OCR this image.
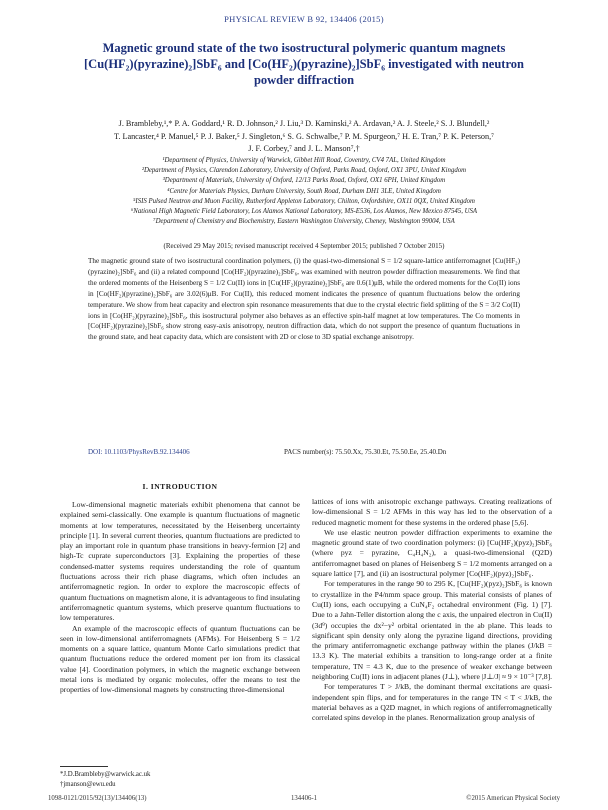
PHYSICAL REVIEW B 92, 134406 (2015)
Magnetic ground state of the two isostructural polymeric quantum magnets
[Cu(HF₂)(pyrazine)₂]SbF₆ and [Co(HF₂)(pyrazine)₂]SbF₆ investigated with neutron
powder diffraction
J. Brambleby,¹,* P. A. Goddard,¹ R. D. Johnson,² J. Liu,³ D. Kaminski,² A. Ardavan,² A. J. Steele,² S. J. Blundell,²
T. Lancaster,⁴ P. Manuel,⁵ P. J. Baker,⁵ J. Singleton,⁶ S. G. Schwalbe,⁷ P. M. Spurgeon,⁷ H. E. Tran,⁷ P. K. Peterson,⁷
J. F. Corbey,⁷ and J. L. Manson⁷,†
¹Department of Physics, University of Warwick, Gibbet Hill Road, Coventry, CV4 7AL, United Kingdom
²Department of Physics, Clarendon Laboratory, University of Oxford, Parks Road, Oxford, OX1 3PU, United Kingdom
³Department of Materials, University of Oxford, 12/13 Parks Road, Oxford, OX1 6PH, United Kingdom
⁴Centre for Materials Physics, Durham University, South Road, Durham DH1 3LE, United Kingdom
⁵ISIS Pulsed Neutron and Muon Facility, Rutherford Appleton Laboratory, Chilton, Oxfordshire, OX11 0QX, United Kingdom
⁶National High Magnetic Field Laboratory, Los Alamos National Laboratory, MS-E536, Los Alamos, New Mexico 87545, USA
⁷Department of Chemistry and Biochemistry, Eastern Washington University, Cheney, Washington 99004, USA
(Received 29 May 2015; revised manuscript received 4 September 2015; published 7 October 2015)
The magnetic ground state of two isostructural coordination polymers, (i) the quasi-two-dimensional S = 1/2 square-lattice antiferromagnet [Cu(HF₂)(pyrazine)₂]SbF₆ and (ii) a related compound [Co(HF₂)(pyrazine)₂]SbF₆, was examined with neutron powder diffraction measurements. We find that the ordered moments of the Heisenberg S = 1/2 Cu(II) ions in [Cu(HF₂)(pyrazine)₂]SbF₆ are 0.6(1)μB, while the ordered moments for the Co(II) ions in [Co(HF₂)(pyrazine)₂]SbF₆ are 3.02(6)μB. For Cu(II), this reduced moment indicates the presence of quantum fluctuations below the ordering temperature. We show from heat capacity and electron spin resonance measurements that due to the crystal electric field splitting of the S = 3/2 Co(II) ions in [Co(HF₂)(pyrazine)₂]SbF₆, this isostructural polymer also behaves as an effective spin-half magnet at low temperatures. The Co moments in [Co(HF₂)(pyrazine)₂]SbF₆ show strong easy-axis anisotropy, neutron diffraction data, which do not support the presence of quantum fluctuations in the ground state, and heat capacity data, which are consistent with 2D or close to 3D spatial exchange anisotropy.
DOI: 10.1103/PhysRevB.92.134406	PACS number(s): 75.50.Xx, 75.30.Et, 75.50.Ee, 25.40.Dn
I. INTRODUCTION

Low-dimensional magnetic materials exhibit phenomena that cannot be explained semi-classically. One example is quantum fluctuations of magnetic moments at low temperatures, necessitated by the Heisenberg uncertainty principle [1]. In several current theories, quantum fluctuations are predicted to play an important role in quantum phase transitions in heavy-fermion [2] and high-Tc cuprate superconductors [3]. Explaining the properties of these condensed-matter systems requires understanding the role of quantum fluctuations across their rich phase diagrams, which often includes an antiferromagnetic region. In order to explore the macroscopic effects of quantum fluctuations on magnetism alone, it is advantageous to find insulating antiferromagnetic quantum systems, which preserve quantum fluctuations to low temperatures.

An example of the macroscopic effects of quantum fluctuations can be seen in low-dimensional antiferromagnets (AFMs). For Heisenberg S = 1/2 moments on a square lattice, quantum Monte Carlo simulations predict that quantum fluctuations reduce the ordered moment per ion from its classical value [4]. Coordination polymers, in which the magnetic exchange between metal ions is mediated by organic molecules, offer the means to test the properties of low-dimensional magnets by constructing three-dimensional

lattices of ions with anisotropic exchange pathways. Creating realizations of low-dimensional S = 1/2 AFMs in this way has led to the observation of a reduced magnetic moment for these systems in the ordered phase [5,6].

We use elastic neutron powder diffraction experiments to examine the magnetic ground state of two coordination polymers: (i) [Cu(HF₂)(pyz)₂]SbF₆ (where pyz = pyrazine, C₄H₄N₂), a quasi-two-dimensional (Q2D) antiferromagnet based on planes of Heisenberg S = 1/2 moments arranged on a square lattice [7], and (ii) an isostructural polymer [Co(HF₂)(pyz)₂]SbF₆.

For temperatures in the range 90 to 295 K, [Cu(HF₂)(pyz)₂]SbF₆ is known to crystallize in the P4/nmm space group. This material consists of planes of Cu(II) ions, each occupying a CuN₄F₂ octahedral environment (Fig. 1) [7]. Due to a Jahn-Teller distortion along the c axis, the unpaired electron in Cu(II) (3d⁹) occupies the dx²−y² orbital orientated in the ab plane. This leads to significant spin density only along the pyrazine ligand directions, providing the primary antiferromagnetic exchange pathway within the planes (J/kB = 13.3 K). The material exhibits a transition to long-range order at a finite temperature, TN = 4.3 K, due to the presence of weaker exchange between neighboring Cu(II) ions in adjacent planes (J⊥), where |J⊥/J| ≈ 9 × 10⁻³ [7,8].

For temperatures T > J/kB, the dominant thermal excitations are quasi-independent spin flips, and for temperatures in the range TN < T < J/kB, the material behaves as a Q2D magnet, in which regions of antiferromagnetically correlated spins develop in the planes. Renormalization group analysis of

*J.D.Brambleby@warwick.ac.uk
†jmanson@ewu.edu
1098-0121/2015/92(13)/134406(13)	134406-1	©2015 American Physical Society
